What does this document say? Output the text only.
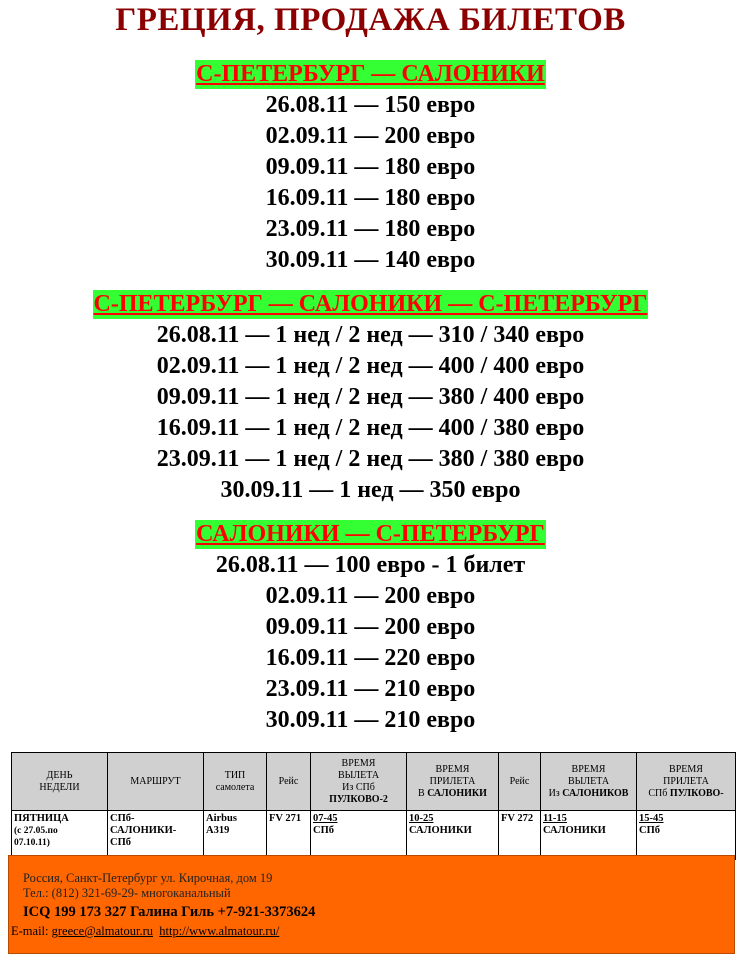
ГРЕЦИЯ, ПРОДАЖА БИЛЕТОВ
С-ПЕТЕРБУРГ — САЛОНИКИ
26.08.11 — 150 евро
02.09.11 — 200 евро
09.09.11 — 180 евро
16.09.11 — 180 евро
23.09.11 — 180 евро
30.09.11 — 140 евро
С-ПЕТЕРБУРГ — САЛОНИКИ — С-ПЕТЕРБУРГ
26.08.11 — 1 нед / 2 нед — 310 / 340 евро
02.09.11 — 1 нед / 2 нед — 400 / 400 евро
09.09.11 — 1 нед / 2 нед — 380 / 400 евро
16.09.11 — 1 нед / 2 нед — 400 / 380 евро
23.09.11 — 1 нед / 2 нед — 380 / 380 евро
30.09.11 — 1 нед — 350 евро
САЛОНИКИ — С-ПЕТЕРБУРГ
26.08.11 — 100 евро - 1 билет
02.09.11 — 200 евро
09.09.11 — 200 евро
16.09.11 — 220 евро
23.09.11 — 210 евро
30.09.11 — 210 евро
ДЕНЬ
НЕДЕЛИ	МАРШРУТ	ТИП
самолета	Рейс	ВРЕМЯ
ВЫЛЕТА
Из СПб
ПУЛКОВО-2	ВРЕМЯ
ПРИЛЕТА
В САЛОНИКИ	Рейс	ВРЕМЯ
ВЫЛЕТА
Из САЛОНИКОВ	ВРЕМЯ
ПРИЛЕТА
СПб ПУЛКОВО-
ПЯТНИЦА
(с 27.05.по
07.10.11)	СПб-
САЛОНИКИ-
СПб	Airbus
A319	FV 271	07-45
СПб	10-25
САЛОНИКИ	FV 272	11-15
САЛОНИКИ	15-45
СПб
Россия, Санкт-Петербург ул. Кирочная, дом 19
Тел.: (812) 321-69-29- многоканальный
ICQ 199 173 327 Галина Гиль +7-921-3373624
E-mail: greece@almatour.ru http://www.almatour.ru/
